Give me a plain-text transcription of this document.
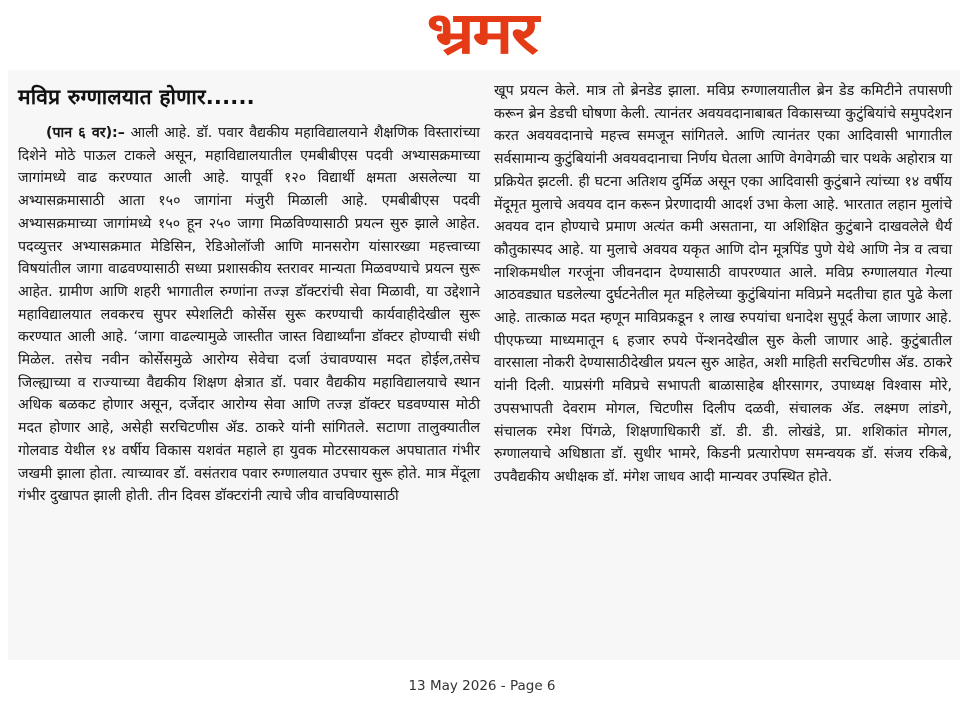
भ्रमर
मविप्र रुग्णालयात होणार......

(पान ६ वर):– आली आहे. डॉ. पवार वैद्यकीय महाविद्यालयाने शैक्षणिक विस्तारांच्या दिशेने मोठे पाऊल टाकले असून, महाविद्यालयातील एमबीबीएस पदवी अभ्यासक्रमाच्या जागांमध्ये वाढ करण्यात आली आहे. यापूर्वी १२० विद्यार्थी क्षमता असलेल्या या अभ्यासक्रमासाठी आता १५० जागांना मंजुरी मिळाली आहे. एमबीबीएस पदवी अभ्यासक्रमाच्या जागांमध्ये १५० हून २५० जागा मिळविण्यासाठी प्रयत्न सुरु झाले आहेत. पदव्युत्तर अभ्यासक्रमात मेडिसिन, रेडिओलॉजी आणि मानसरोग यांसारख्या महत्त्वाच्या विषयांतील जागा वाढवण्यासाठी सध्या प्रशासकीय स्तरावर मान्यता मिळवण्याचे प्रयत्न सुरू आहेत. ग्रामीण आणि शहरी भागातील रुग्णांना तज्ज्ञ डॉक्टरांची सेवा मिळावी, या उद्देशाने महाविद्यालयात लवकरच सुपर स्पेशलिटी कोर्सेस सुरू करण्याची कार्यवाहीदेखील सुरू करण्यात आली आहे. ‘जागा वाढल्यामुळे जास्तीत जास्त विद्यार्थ्यांना डॉक्टर होण्याची संधी मिळेल. तसेच नवीन कोर्सेसमुळे आरोग्य सेवेचा दर्जा उंचावण्यास मदत होईल,तसेच जिल्ह्याच्या व राज्याच्या वैद्यकीय शिक्षण क्षेत्रात डॉ. पवार वैद्यकीय महाविद्यालयाचे स्थान अधिक बळकट होणार असून, दर्जेदार आरोग्य सेवा आणि तज्ज्ञ डॉक्टर घडवण्यास मोठी मदत होणार आहे, असेही सरचिटणीस ॲड. ठाकरे यांनी सांगितले. सटाणा तालुक्यातील गोलवाड येथील १४ वर्षीय विकास यशवंत महाले हा युवक मोटरसायकल अपघातात गंभीर जखमी झाला होता. त्याच्यावर डॉ. वसंतराव पवार रुग्णालयात उपचार सुरू होते. मात्र मेंदूला गंभीर दुखापत झाली होती. तीन दिवस डॉक्टरांनी त्याचे जीव वाचविण्यासाठी

खूप प्रयत्न केले. मात्र तो ब्रेनडेड झाला. मविप्र रुग्णालयातील ब्रेन डेड कमिटीने तपासणी करून ब्रेन डेडची घोषणा केली. त्यानंतर अवयवदानाबाबत विकासच्या कुटुंबियांचे समुपदेशन करत अवयवदानाचे महत्त्व समजून सांगितले. आणि त्यानंतर एका आदिवासी भागातील सर्वसामान्य कुटुंबियांनी अवयवदानाचा निर्णय घेतला आणि वेगवेगळी चार पथके अहोरात्र या प्रक्रियेत झटली. ही घटना अतिशय दुर्मिळ असून एका आदिवासी कुटुंबाने त्यांच्या १४ वर्षीय मेंदूमृत मुलाचे अवयव दान करून प्रेरणादायी आदर्श उभा केला आहे. भारतात लहान मुलांचे अवयव दान होण्याचे प्रमाण अत्यंत कमी असताना, या अशिक्षित कुटुंबाने दाखवलेले धैर्य कौतुकास्पद आहे. या मुलाचे अवयव यकृत आणि दोन मूत्रपिंड पुणे येथे आणि नेत्र व त्वचा नाशिकमधील गरजूंना जीवनदान देण्यासाठी वापरण्यात आले. मविप्र रुग्णालयात गेल्या आठवड्यात घडलेल्या दुर्घटनेतील मृत महिलेच्या कुटुंबियांना मविप्रने मदतीचा हात पुढे केला आहे. तात्काळ मदत म्हणून माविप्रकडून १ लाख रुपयांचा धनादेश सुपूर्द केला जाणार आहे. पीएफच्या माध्यमातून ६ हजार रुपये पेंन्शनदेखील सुरु केली जाणार आहे. कुटुंबातील वारसाला नोकरी देण्यासाठीदेखील प्रयत्न सुरु आहेत, अशी माहिती सरचिटणीस ॲड. ठाकरे यांनी दिली. याप्रसंगी मविप्रचे सभापती बाळासाहेब क्षीरसागर, उपाध्यक्ष विश्वास मोरे, उपसभापती देवराम मोगल, चिटणीस दिलीप दळवी, संचालक ॲड. लक्ष्मण लांडगे, संचालक रमेश पिंगळे, शिक्षणाधिकारी डॉ. डी. डी. लोखंडे, प्रा. शशिकांत मोगल, रुग्णालयाचे अधिष्ठाता डॉ. सुधीर भामरे, किडनी प्रत्यारोपण समन्वयक डॉ. संजय रकिबे, उपवैद्यकीय अधीक्षक डॉ. मंगेश जाधव आदी मान्यवर उपस्थित होते.

13 May 2026 - Page 6
